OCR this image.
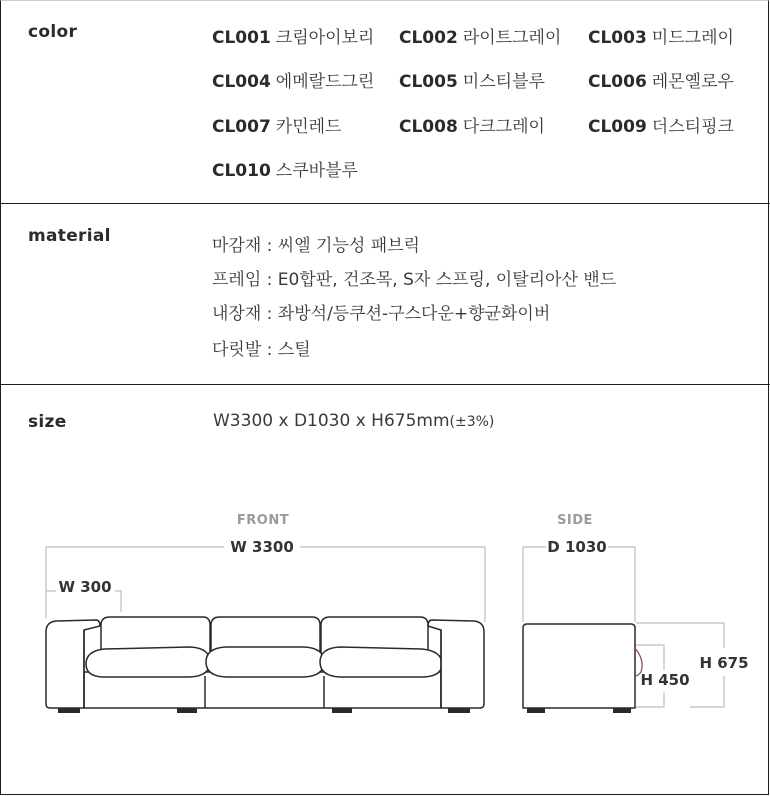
color	CL001 크림아이보리 CL002 라이트그레이 CL003 미드그레이
CL004 에메랄드그린 CL005 미스티블루	CL006 레몬옐로우
CL007 카민레드	CL008 다크그레이	CL009 더스티핑크
CL010 스쿠바블루
material	마감재 : 씨엘 기능성 패브릭
프레임 : E0합판, 건조목, S자 스프링, 이탈리아산 밴드
내장재 : 좌방석/등쿠션-구스다운+향균화이버
다릿발 : 스틸
size	W3300 x D1030 x H675mm(±3%)
FRONT
W 3300
W 300
SIDE
D 1030
H 675
H 450
